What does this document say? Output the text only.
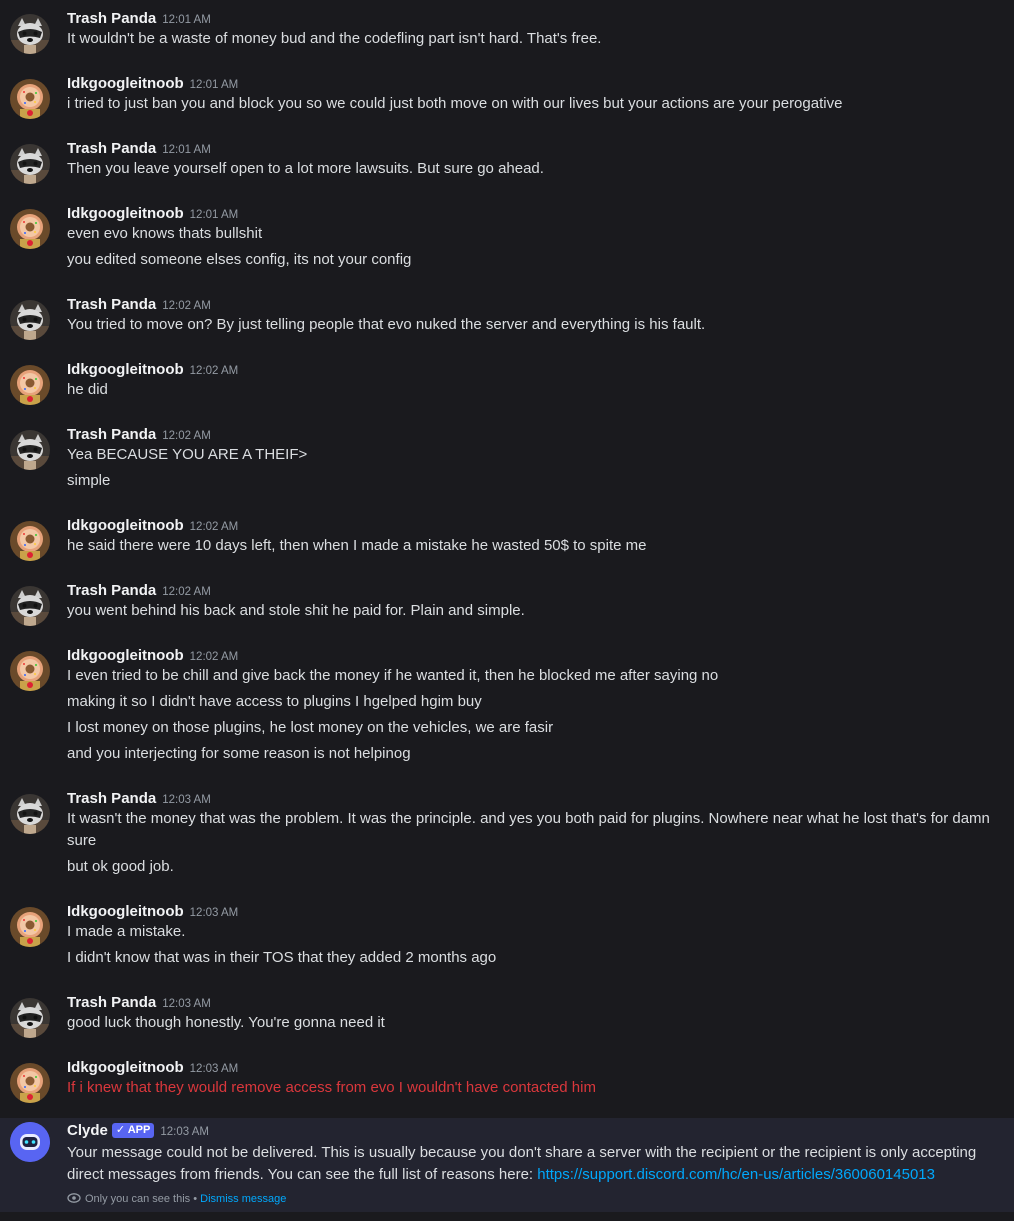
Trash Panda 12:01 AM
It wouldn't be a waste of money bud and the codefling part isn't hard. That's free.
Idkgoogleitnoob 12:01 AM
i tried to just ban you and block you so we could just both move on with our lives but your actions are your perogative
Trash Panda 12:01 AM
Then you leave yourself open to a lot more lawsuits. But sure go ahead.
Idkgoogleitnoob 12:01 AM
even evo knows thats bullshit
you edited someone elses config, its not your config
Trash Panda 12:02 AM
You tried to move on? By just telling people that evo nuked the server and everything is his fault.
Idkgoogleitnoob 12:02 AM
he did
Trash Panda 12:02 AM
Yea BECAUSE YOU ARE A THEIF>
simple
Idkgoogleitnoob 12:02 AM
he said there were 10 days left, then when I made a mistake he wasted 50$ to spite me
Trash Panda 12:02 AM
you went behind his back and stole shit he paid for. Plain and simple.
Idkgoogleitnoob 12:02 AM
I even tried to be chill and give back the money if he wanted it, then he blocked me after saying no
making it so I didn't have access to plugins I hgelped hgim buy
I lost money on those plugins, he lost money on the vehicles, we are fasir
and you interjecting for some reason is not helpinog
Trash Panda 12:03 AM
It wasn't the money that was the problem. It was the principle. and yes you both paid for plugins. Nowhere near what he lost that's for damn sure
but ok good job.
Idkgoogleitnoob 12:03 AM
I made a mistake.
I didn't know that was in their TOS that they added 2 months ago
Trash Panda 12:03 AM
good luck though honestly. You're gonna need it
Idkgoogleitnoob 12:03 AM
If i knew that they would remove access from evo I wouldn't have contacted him
Clyde ✓ APP 12:03 AM
Your message could not be delivered. This is usually because you don't share a server with the recipient or the recipient is only accepting direct messages from friends. You can see the full list of reasons here: https://support.discord.com/hc/en-us/articles/360060145013
Only you can see this • Dismiss message
